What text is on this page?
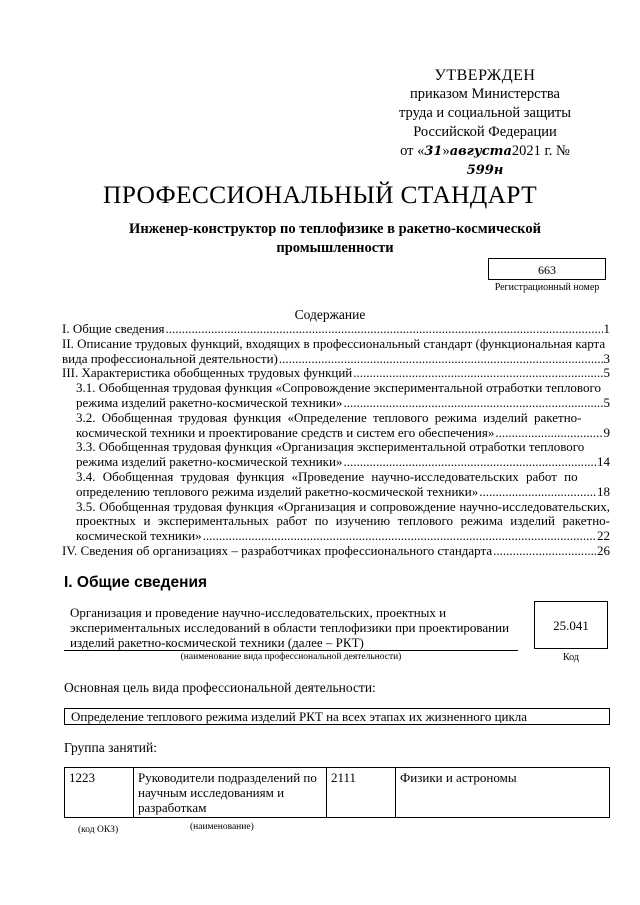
УТВЕРЖДЕН
приказом Министерства
труда и социальной защиты
Российской Федерации
от «31»августа2021 г. № 599н
ПРОФЕССИОНАЛЬНЫЙ СТАНДАРТ
Инженер-конструктор по теплофизике в ракетно-космической промышленности
663
Регистрационный номер
Содержание
I. Общие сведения .....	1
II. Описание трудовых функций, входящих в профессиональный стандарт (функциональная карта
вида профессиональной деятельности) .....	3
III. Характеристика обобщенных трудовых функций .....	5
3.1. Обобщенная трудовая функция «Сопровождение экспериментальной отработки теплового
режима изделий ракетно-космической техники» .....	5
3.2. Обобщенная трудовая функция «Определение теплового режима изделий ракетно-
космической техники и проектирование средств и систем его обеспечения» .....	9
3.3. Обобщенная трудовая функция «Организация экспериментальной отработки теплового
режима изделий ракетно-космической техники» .....	14
3.4. Обобщенная трудовая функция «Проведение научно-исследовательских работ по
определению теплового режима изделий ракетно-космической техники» .....	18
3.5. Обобщенная трудовая функция «Организация и сопровождение научно-исследовательских, проектных и экспериментальных работ по изучению теплового режима изделий ракетно-
космической техники» .....	22
IV. Сведения об организациях – разработчиках профессионального стандарта .....	26
I. Общие сведения
Организация и проведение научно-исследовательских, проектных и экспериментальных исследований в области теплофизики при проектировании изделий ракетно-космической техники (далее – РКТ)
(наименование вида профессиональной деятельности)
25.041
Код
Основная цель вида профессиональной деятельности:
Определение теплового режима изделий РКТ на всех этапах их жизненного цикла
Группа занятий:
1223	Руководители подразделений по научным исследованиям и разработкам	2111	Физики и астрономы
(код ОКЗ)	(наименование)
